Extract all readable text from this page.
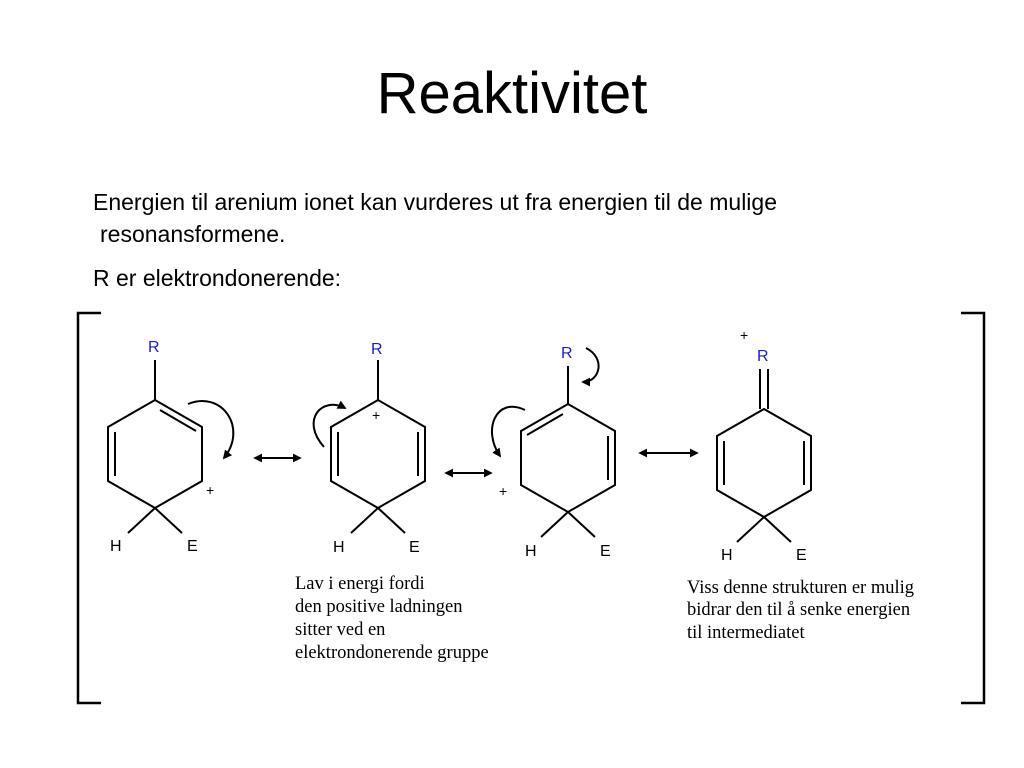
Reaktivitet
Energien til arenium ionet kan vurderes ut fra energien til de mulige
resonansformene.
R er elektrondonerende:
R
H	E
+
R
H	E
+
R
H	E
+
R
H	E
+
Lav i energi fordi
den positive ladningen
sitter ved en
elektrondonerende gruppe
Viss denne strukturen er mulig
bidrar den til å senke energien
til intermediatet
